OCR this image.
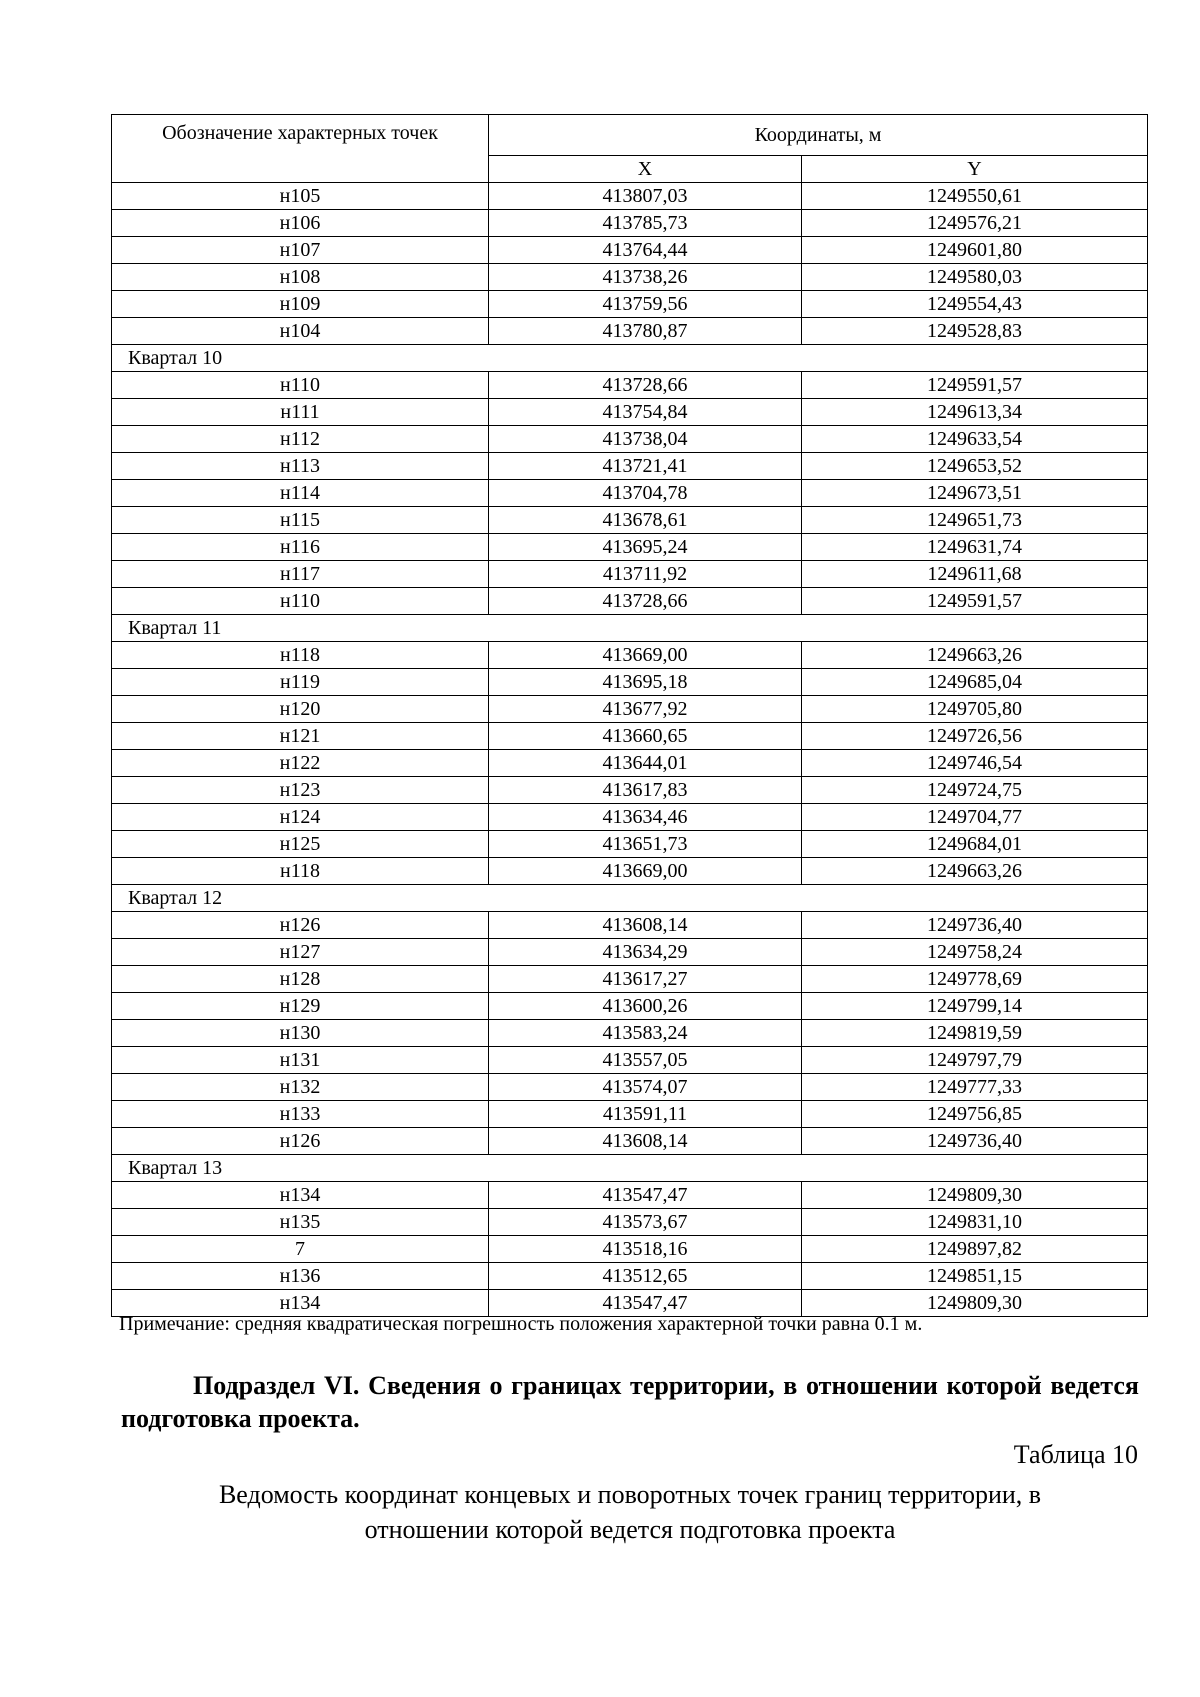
Обозначение характерных точек	Координаты, м	
	X	Y
н105	413807,03	1249550,61
н106	413785,73	1249576,21
н107	413764,44	1249601,80
н108	413738,26	1249580,03
н109	413759,56	1249554,43
н104	413780,87	1249528,83
Квартал 10		
н110	413728,66	1249591,57
н111	413754,84	1249613,34
н112	413738,04	1249633,54
н113	413721,41	1249653,52
н114	413704,78	1249673,51
н115	413678,61	1249651,73
н116	413695,24	1249631,74
н117	413711,92	1249611,68
н110	413728,66	1249591,57
Квартал 11		
н118	413669,00	1249663,26
н119	413695,18	1249685,04
н120	413677,92	1249705,80
н121	413660,65	1249726,56
н122	413644,01	1249746,54
н123	413617,83	1249724,75
н124	413634,46	1249704,77
н125	413651,73	1249684,01
н118	413669,00	1249663,26
Квартал 12		
н126	413608,14	1249736,40
н127	413634,29	1249758,24
н128	413617,27	1249778,69
н129	413600,26	1249799,14
н130	413583,24	1249819,59
н131	413557,05	1249797,79
н132	413574,07	1249777,33
н133	413591,11	1249756,85
н126	413608,14	1249736,40
Квартал 13		
н134	413547,47	1249809,30
н135	413573,67	1249831,10
7	413518,16	1249897,82
н136	413512,65	1249851,15
н134	413547,47	1249809,30
Примечание: средняя квадратическая погрешность положения характерной точки равна 0.1 м.
Подраздел VI. Сведения о границах территории, в отношении которой ведется подготовка проекта.
Таблица 10
Ведомость координат концевых и поворотных точек границ территории, в
отношении которой ведется подготовка проекта
